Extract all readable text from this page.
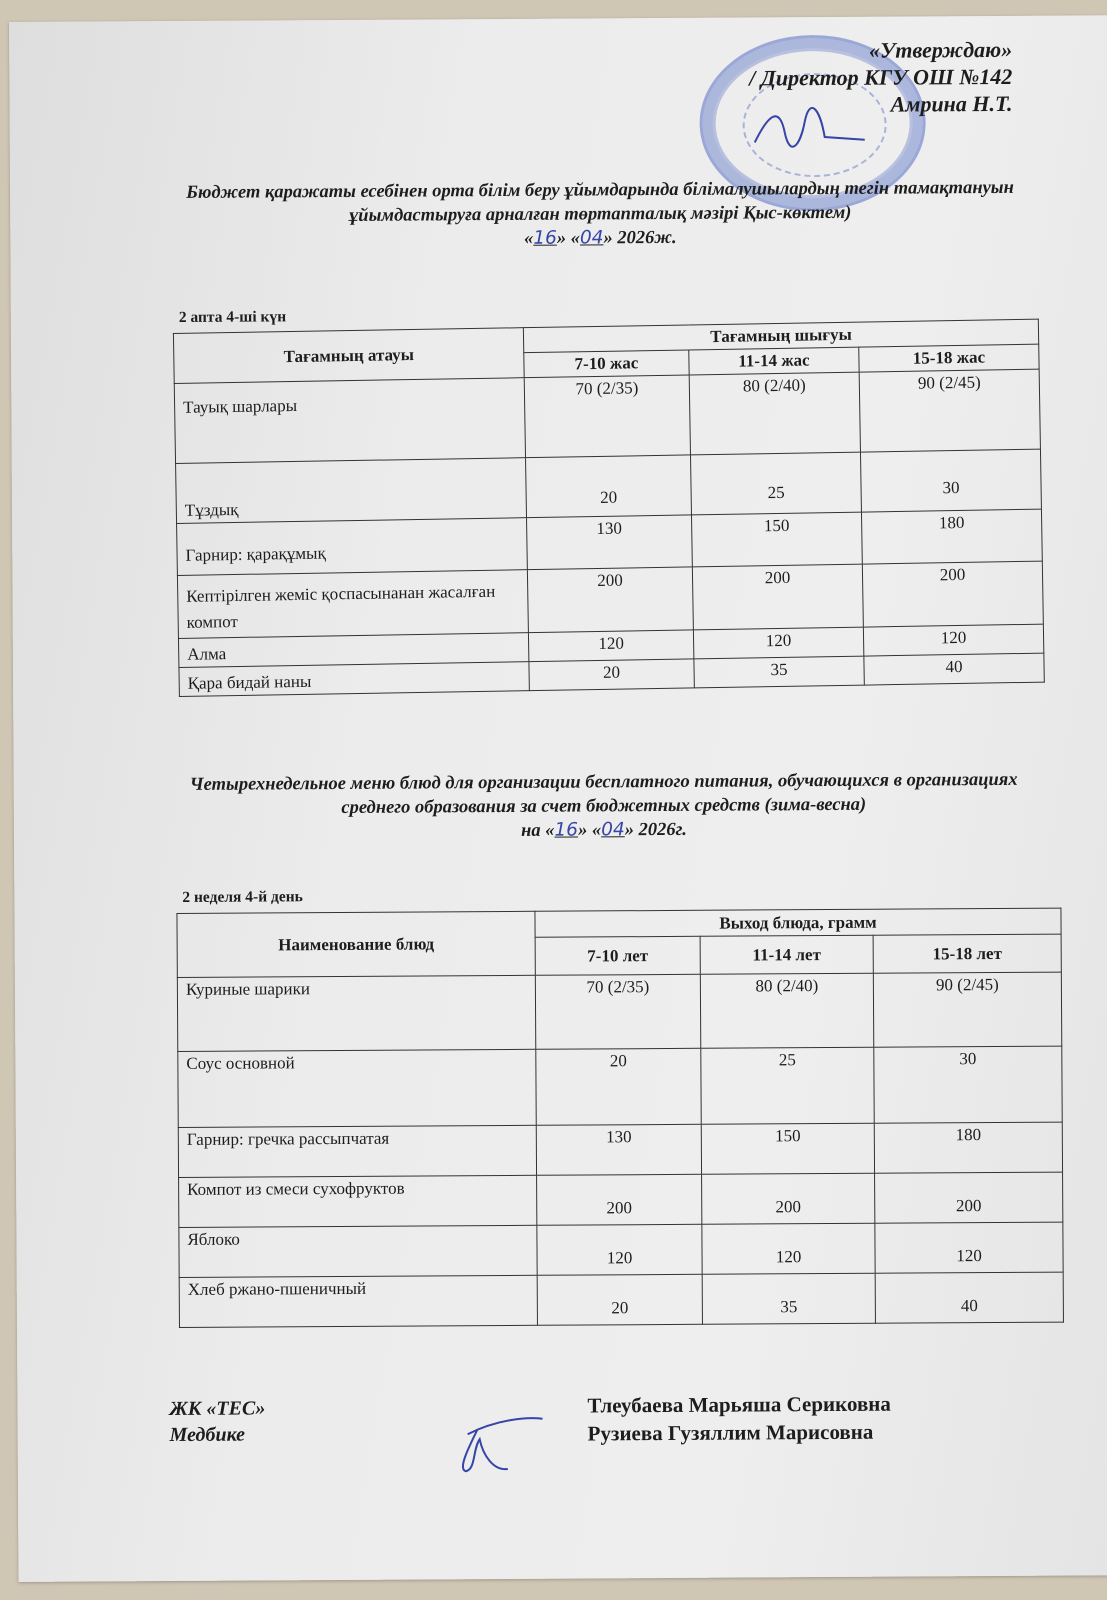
«Утверждаю»
/ Директор КГУ ОШ №142
Амрина Н.Т.
Бюджет қаражаты есебінен орта білім беру ұйымдарында білімалушылардың тегін тамақтануын ұйымдастыруға арналған төртапталық мәзірі Қыс-көктем)
«16» «04» 2026ж.
2 апта 4-ші күн
Тағамның атауы	Тағамның шығуы		
	7-10 жас	11-14 жас	15-18 жас
Тауық шарлары	70 (2/35)	80 (2/40)	90 (2/45)
Тұздық	20	25	30
Гарнир: қарақұмық	130	150	180
Кептірілген жеміс қоспасынанан жасалған компот	200	200	200
Алма	120	120	120
Қара бидай наны	20	35	40
Четырехнедельное меню блюд для организации бесплатного питания, обучающихся в организациях среднего образования за счет бюджетных средств (зима-весна)
на «16» «04» 2026г.
2 неделя 4-й день
Наименование блюд	Выход блюда, грамм		
	7-10 лет	11-14 лет	15-18 лет
Куриные шарики	70 (2/35)	80 (2/40)	90 (2/45)
Соус основной	20	25	30
Гарнир: гречка рассыпчатая	130	150	180
Компот из смеси сухофруктов	200	200	200
Яблоко	120	120	120
Хлеб ржано-пшеничный	20	35	40
ЖК «ТЕС»
Медбике
Тлеубаева Марьяша Сериковна
Рузиева Гузяллим Марисовна
